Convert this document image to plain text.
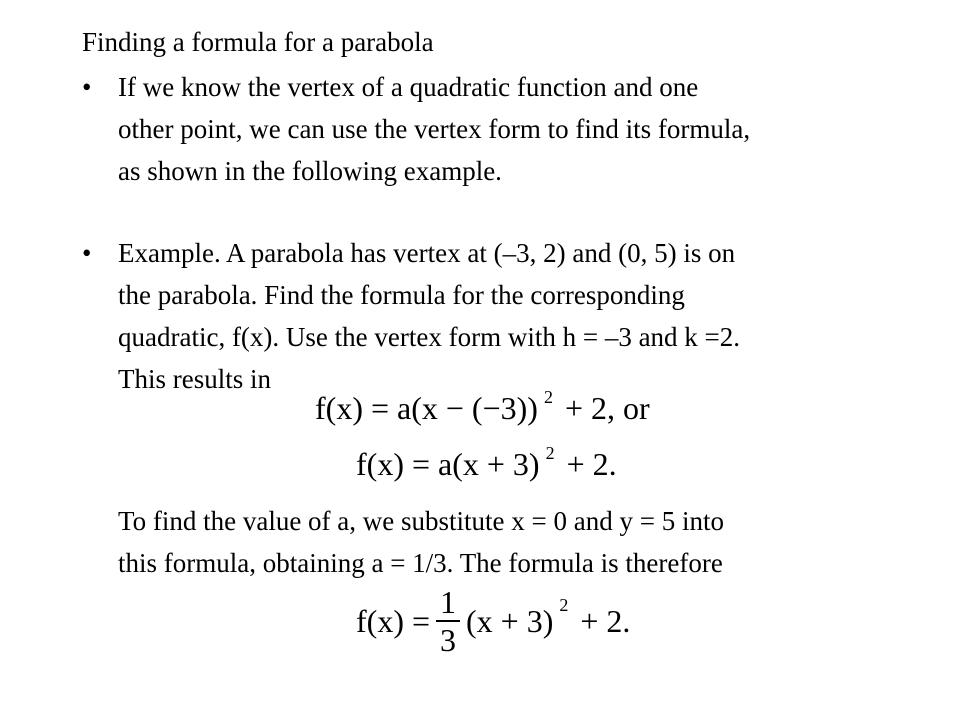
Finding a formula for a parabola
• If we know the vertex of a quadratic function and one
other point, we can use the vertex form to find its formula,
as shown in the following example.
• Example. A parabola has vertex at (–3, 2) and (0, 5) is on
the parabola. Find the formula for the corresponding
quadratic, f(x). Use the vertex form with h = –3 and k =2.
This results in
f(x) = a(x − (−3)) $^2$ + 2, or
f(x) = a(x + 3) $^2$ + 2.
To find the value of a, we substitute x = 0 and y = 5 into
this formula, obtaining a = 1/3. The formula is therefore
$f(x) = \frac{1}{3} (x + 3) 2 + 2$.
